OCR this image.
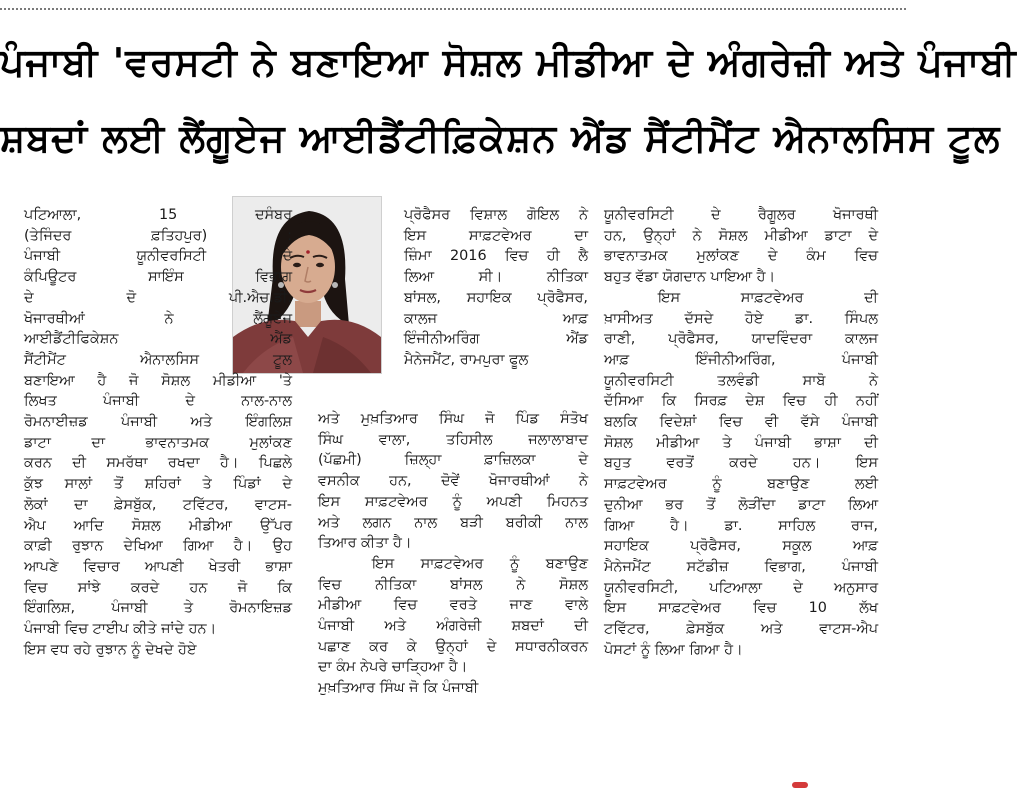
ਪੰਜਾਬੀ 'ਵਰਸਟੀ ਨੇ ਬਣਾਇਆ ਸੋਸ਼ਲ ਮੀਡੀਆ ਦੇ ਅੰਗਰੇਜ਼ੀ ਅਤੇ ਪੰਜਾਬੀ
ਸ਼ਬਦਾਂ ਲਈ ਲੈਂਗੂਏਜ ਆਈਡੈਂਟੀਫ਼ਿਕੇਸ਼ਨ ਐਂਡ ਸੈਂਟੀਮੈਂਟ ਐਨਾਲਸਿਸ ਟੂਲ
ਪਟਿਆਲਾ, 15 ਦਸੰਬਰ
(ਤੇਜਿੰਦਰ ਫ਼ਤਿਹਪੁਰ) :
ਪੰਜਾਬੀ ਯੂਨੀਵਰਸਿਟੀ ਦੇ
ਕੰਪਿਊਟਰ ਸਾਇੰਸ ਵਿਭਾਗ
ਦੇ ਦੋ ਪੀ.ਐਚ.ਡੀ.
ਖੋਜਾਰਥੀਆਂ ਨੇ ਲੈਂਗੂਏਜ
ਆਈਡੈਂਟੀਫਿਕੇਸ਼ਨ ਐਂਡ
ਸੈਂਟੀਮੈਂਟ ਐਨਾਲਸਿਸ ਟੂਲ
ਬਣਾਇਆ ਹੈ ਜੋ ਸੋਸ਼ਲ ਮੀਡੀਆ 'ਤੇ
ਲਿਖਤ ਪੰਜਾਬੀ ਦੇ ਨਾਲ-ਨਾਲ
ਰੋਮਨਾਈਜ਼ਡ ਪੰਜਾਬੀ ਅਤੇ ਇੰਗਲਿਸ਼
ਡਾਟਾ ਦਾ ਭਾਵਨਾਤਮਕ ਮੁਲਾਂਕਣ
ਕਰਨ ਦੀ ਸਮਰੱਥਾ ਰਖਦਾ ਹੈ। ਪਿਛਲੇ
ਕੁੱਝ ਸਾਲਾਂ ਤੋਂ ਸ਼ਹਿਰਾਂ ਤੇ ਪਿੰਡਾਂ ਦੇ
ਲੋਕਾਂ ਦਾ ਫ਼ੇਸਬੁੱਕ, ਟਵਿੱਟਰ, ਵਾਟਸ-
ਐਪ ਆਦਿ ਸੋਸ਼ਲ ਮੀਡੀਆ ਉੱਪਰ
ਕਾਫ਼ੀ ਰੁਝਾਨ ਦੇਖਿਆ ਗਿਆ ਹੈ। ਉਹ
ਆਪਣੇ ਵਿਚਾਰ ਆਪਣੀ ਖੇਤਰੀ ਭਾਸ਼ਾ
ਵਿਚ ਸਾਂਝੇ ਕਰਦੇ ਹਨ ਜੋ ਕਿ
ਇੰਗਲਿਸ਼, ਪੰਜਾਬੀ ਤੇ ਰੋਮਨਾਇਜ਼ਡ
ਪੰਜਾਬੀ ਵਿਚ ਟਾਈਪ ਕੀਤੇ ਜਾਂਦੇ ਹਨ।
ਇਸ ਵਧ ਰਹੇ ਰੁਝਾਨ ਨੂੰ ਦੇਖਦੇ ਹੋਏ
ਪ੍ਰੋਫੈਸਰ ਵਿਸ਼ਾਲ ਗੋਇਲ ਨੇ
ਇਸ ਸਾਫ਼ਟਵੇਅਰ ਦਾ
ਜ਼ਿੰਮਾ 2016 ਵਿਚ ਹੀ ਲੈ
ਲਿਆ ਸੀ। ਨੀਤਿਕਾ
ਬਾਂਸਲ, ਸਹਾਇਕ ਪ੍ਰੋਫੈਸਰ,
ਕਾਲਜ ਆਫ਼
ਇੰਜੀਨੀਅਰਿੰਗ ਐਂਡ
ਮੈਨੇਜਮੈਂਟ, ਰਾਮਪੁਰਾ ਫੂਲ
ਅਤੇ ਮੁਖ਼ਤਿਆਰ ਸਿੰਘ ਜੋ ਪਿੰਡ ਸੰਤੋਖ
ਸਿੰਘ ਵਾਲਾ, ਤਹਿਸੀਲ ਜਲਾਲਾਬਾਦ
(ਪੱਛਮੀ) ਜ਼ਿਲ੍ਹਾ ਫ਼ਾਜ਼ਿਲਕਾ ਦੇ
ਵਸਨੀਕ ਹਨ, ਦੋਵੇਂ ਖੋਜਾਰਥੀਆਂ ਨੇ
ਇਸ ਸਾਫ਼ਟਵੇਅਰ ਨੂੰ ਅਪਣੀ ਮਿਹਨਤ
ਅਤੇ ਲਗਨ ਨਾਲ ਬੜੀ ਬਰੀਕੀ ਨਾਲ
ਤਿਆਰ ਕੀਤਾ ਹੈ।
ਇਸ ਸਾਫ਼ਟਵੇਅਰ ਨੂੰ ਬਣਾਉਣ
ਵਿਚ ਨੀਤਿਕਾ ਬਾਂਸਲ ਨੇ ਸੋਸ਼ਲ
ਮੀਡੀਆ ਵਿਚ ਵਰਤੇ ਜਾਣ ਵਾਲੇ
ਪੰਜਾਬੀ ਅਤੇ ਅੰਗਰੇਜ਼ੀ ਸ਼ਬਦਾਂ ਦੀ
ਪਛਾਣ ਕਰ ਕੇ ਉਨ੍ਹਾਂ ਦੇ ਸਧਾਰਨੀਕਰਨ
ਦਾ ਕੰਮ ਨੇਪਰੇ ਚਾੜ੍ਹਿਆ ਹੈ।
ਮੁਖ਼ਤਿਆਰ ਸਿੰਘ ਜੋ ਕਿ ਪੰਜਾਬੀ
ਯੂਨੀਵਰਸਿਟੀ ਦੇ ਰੈਗੂਲਰ ਖੋਜਾਰਥੀ
ਹਨ, ਉਨ੍ਹਾਂ ਨੇ ਸੋਸ਼ਲ ਮੀਡੀਆ ਡਾਟਾ ਦੇ
ਭਾਵਨਾਤਮਕ ਮੁਲਾਂਕਣ ਦੇ ਕੰਮ ਵਿਚ
ਬਹੁਤ ਵੱਡਾ ਯੋਗਦਾਨ ਪਾਇਆ ਹੈ।
ਇਸ ਸਾਫ਼ਟਵੇਅਰ ਦੀ
ਖ਼ਾਸੀਅਤ ਦੱਸਦੇ ਹੋਏ ਡਾ. ਸਿੰਪਲ
ਰਾਣੀ, ਪ੍ਰੋਫੈਸਰ, ਯਾਦਵਿੰਦਰਾ ਕਾਲਜ
ਆਫ਼ ਇੰਜੀਨੀਅਰਿੰਗ, ਪੰਜਾਬੀ
ਯੂਨੀਵਰਸਿਟੀ ਤਲਵੰਡੀ ਸਾਬੋ ਨੇ
ਦੱਸਿਆ ਕਿ ਸਿਰਫ਼ ਦੇਸ਼ ਵਿਚ ਹੀ ਨਹੀਂ
ਬਲਕਿ ਵਿਦੇਸ਼ਾਂ ਵਿਚ ਵੀ ਵੱਸੇ ਪੰਜਾਬੀ
ਸੋਸ਼ਲ ਮੀਡੀਆ ਤੇ ਪੰਜਾਬੀ ਭਾਸ਼ਾ ਦੀ
ਬਹੁਤ ਵਰਤੋਂ ਕਰਦੇ ਹਨ। ਇਸ
ਸਾਫ਼ਟਵੇਅਰ ਨੂੰ ਬਣਾਉਣ ਲਈ
ਦੁਨੀਆ ਭਰ ਤੋਂ ਲੋੜੀਂਦਾ ਡਾਟਾ ਲਿਆ
ਗਿਆ ਹੈ। ਡਾ. ਸਾਹਿਲ ਰਾਜ,
ਸਹਾਇਕ ਪ੍ਰੋਫੈਸਰ, ਸਕੂਲ ਆਫ਼
ਮੈਨੇਜਮੈਂਟ ਸਟੱਡੀਜ਼ ਵਿਭਾਗ, ਪੰਜਾਬੀ
ਯੂਨੀਵਰਸਿਟੀ, ਪਟਿਆਲਾ ਦੇ ਅਨੁਸਾਰ
ਇਸ ਸਾਫ਼ਟਵੇਅਰ ਵਿਚ 10 ਲੱਖ
ਟਵਿੱਟਰ, ਫ਼ੇਸਬੁੱਕ ਅਤੇ ਵਾਟਸ-ਐਪ
ਪੋਸਟਾਂ ਨੂੰ ਲਿਆ ਗਿਆ ਹੈ।
